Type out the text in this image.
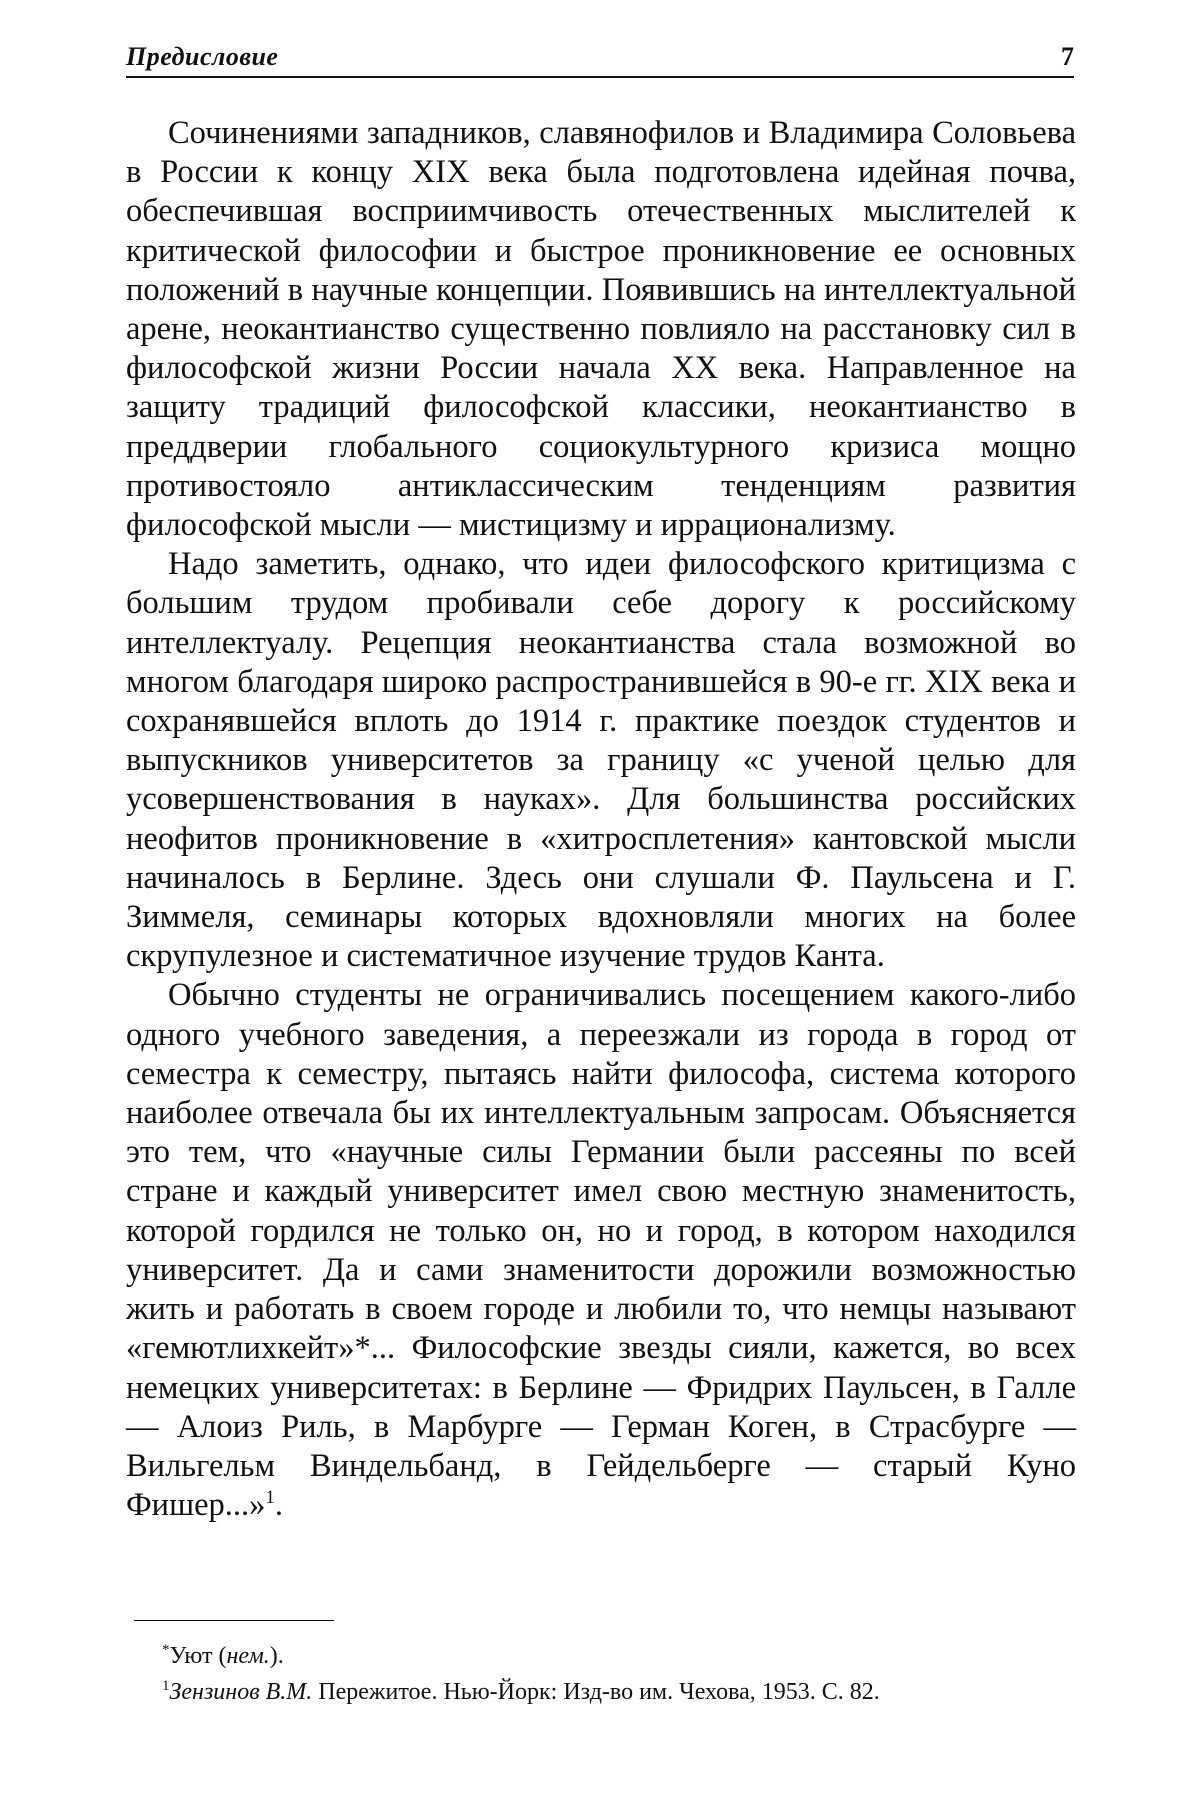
Предисловие	7

Сочинениями западников, славянофилов и Владимира Соловьева в России к концу XIX века была подготовлена идейная почва, обеспечившая восприимчивость отечественных мыслителей к критической философии и быстрое проникновение ее основных положений в научные концепции. Появившись на интеллектуальной арене, неокантианство существенно повлияло на расстановку сил в философской жизни России начала XX века. Направленное на защиту традиций философской классики, неокантианство в преддверии глобального социокультурного кризиса мощно противостояло антиклассическим тенденциям развития философской мысли — мистицизму и иррационализму.

Надо заметить, однако, что идеи философского критицизма с большим трудом пробивали себе дорогу к российскому интеллектуалу. Рецепция неокантианства стала возможной во многом благодаря широко распространившейся в 90-е гг. XIX века и сохранявшейся вплоть до 1914 г. практике поездок студентов и выпускников университетов за границу «с ученой целью для усовершенствования в науках». Для большинства российских неофитов проникновение в «хитросплетения» кантовской мысли начиналось в Берлине. Здесь они слушали Ф. Паульсена и Г. Зиммеля, семинары которых вдохновляли многих на более скрупулезное и систематичное изучение трудов Канта.

Обычно студенты не ограничивались посещением какого-либо одного учебного заведения, а переезжали из города в город от семестра к семестру, пытаясь найти философа, система которого наиболее отвечала бы их интеллектуальным запросам. Объясняется это тем, что «научные силы Германии были рассеяны по всей стране и каждый университет имел свою местную знаменитость, которой гордился не только он, но и город, в котором находился университет. Да и сами знаменитости дорожили возможностью жить и работать в своем городе и любили то, что немцы называют «гемютлихкейт»*... Философские звезды сияли, кажется, во всех немецких университетах: в Берлине — Фридрих Паульсен, в Галле — Алоиз Риль, в Марбурге — Герман Коген, в Страсбурге — Вильгельм Виндельбанд, в Гейдельберге — старый Куно Фишер...»$^1$.

*Уют (нем.).

$^1$Зензинов В.М. Пережитое. Нью-Йорк: Изд-во им. Чехова, 1953. С. 82.
